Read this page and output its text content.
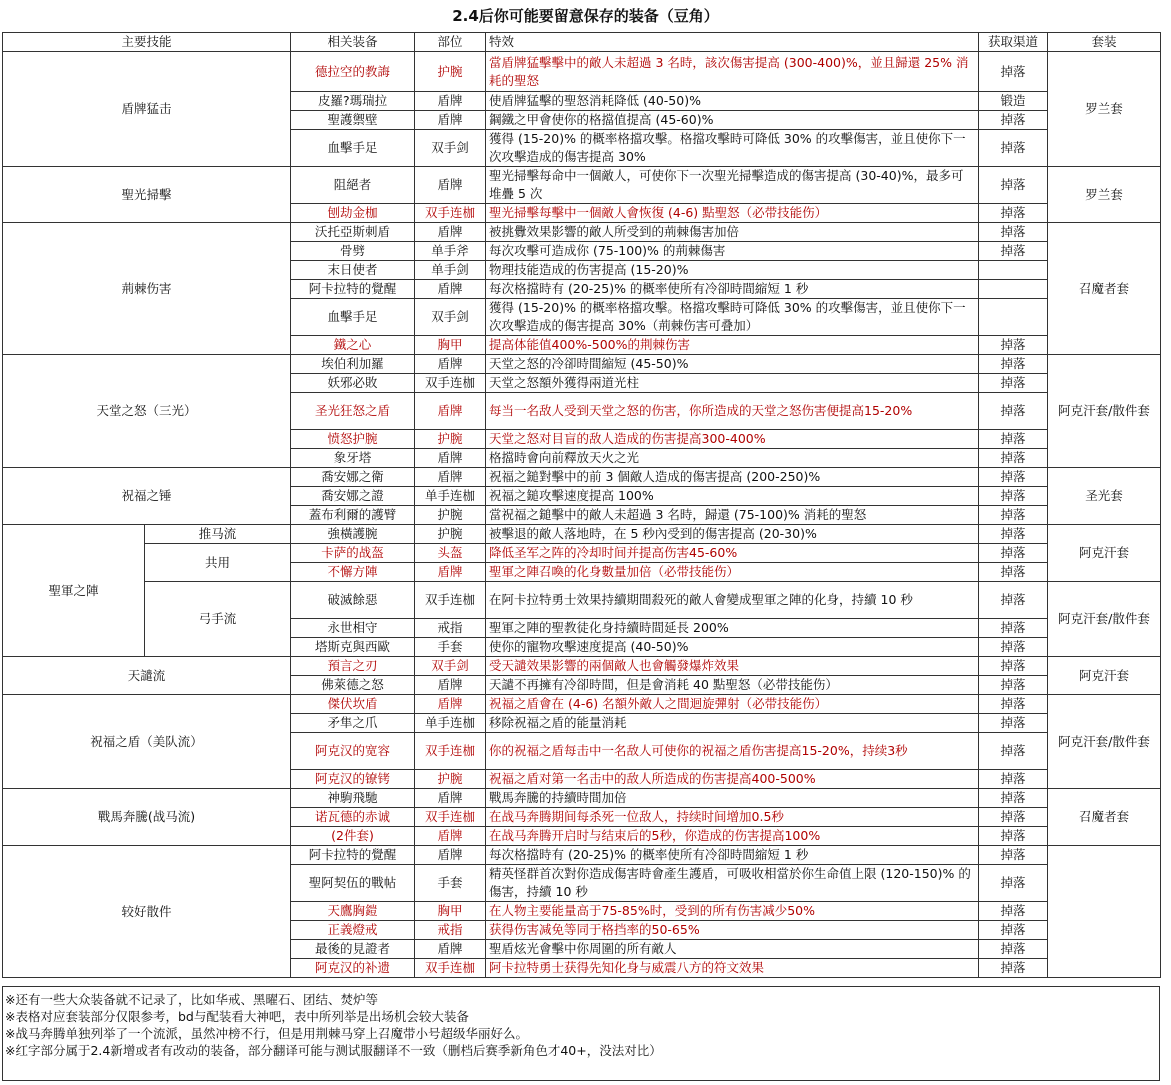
2.4后你可能要留意保存的装备（豆角）
主要技能		相关装备	部位	特效	获取渠道	套装
盾牌猛击		德拉空的教誨	护腕	當盾牌猛擊擊中的敵人未超過 3 名時，該次傷害提高 (300-400)%，並且歸還 25% 消耗的聖怒	掉落	罗兰套
		皮羅?瑪瑞拉	盾牌	使盾牌猛擊的聖怒消耗降低 (40-50)%	锻造	
		聖護禦壁	盾牌	鋼鐵之甲會使你的格擋值提高 (45-60)%	掉落	
		血擊手足	双手剑	獲得 (15-20)% 的概率格擋攻擊。格擋攻擊時可降低 30% 的攻擊傷害，並且使你下一次攻擊造成的傷害提高 30%	掉落	
聖光掃擊		阻絕者	盾牌	聖光掃擊每命中一個敵人，可使你下一次聖光掃擊造成的傷害提高 (30-40)%，最多可堆疊 5 次	掉落	罗兰套
		刨劫金枷	双手连枷	聖光掃擊每擊中一個敵人會恢復 (4-6) 點聖怒（必带技能伤）	掉落	
荊棘伤害		沃托亞斯刺盾	盾牌	被挑釁效果影響的敵人所受到的荊棘傷害加倍	掉落	召魔者套
		骨劈	单手斧	每次攻擊可造成你 (75-100)% 的荊棘傷害	掉落	
		末日使者	单手剑	物理技能造成的伤害提高 (15-20)%		
		阿卡拉特的覺醒	盾牌	每次格擋時有 (20-25)% 的概率使所有冷卻時間縮短 1 秒		
		血擊手足	双手剑	獲得 (15-20)% 的概率格擋攻擊。格擋攻擊時可降低 30% 的攻擊傷害，並且使你下一次攻擊造成的傷害提高 30%（荊棘伤害可叠加）		
		鐵之心	胸甲	提高体能值400%-500%的荆棘伤害	掉落	
天堂之怒（三光）		埃伯利加羅	盾牌	天堂之怒的冷卻時間縮短 (45-50)%	掉落	阿克汗套/散件套
		妖邪必敗	双手连枷	天堂之怒額外獲得兩道光柱	掉落	
		圣光狂怒之盾	盾牌	每当一名敌人受到天堂之怒的伤害，你所造成的天堂之怒伤害便提高15-20%	掉落	
		愤怒护腕	护腕	天堂之怒对目盲的敌人造成的伤害提高300-400%	掉落	
		象牙塔	盾牌	格擋時會向前釋放天火之光	掉落	
祝福之锤		喬安娜之衛	盾牌	祝福之鎚對擊中的前 3 個敵人造成的傷害提高 (200-250)%	掉落	圣光套
		喬安娜之證	单手连枷	祝福之鎚攻擊速度提高 100%	掉落	
		蓋布利爾的護臂	护腕	當祝福之鎚擊中的敵人未超過 3 名時，歸還 (75-100)% 消耗的聖怒	掉落	
聖軍之陣	推马流	強橫護腕	护腕	被擊退的敵人落地時，在 5 秒內受到的傷害提高 (20-30)%	掉落	阿克汗套
	共用	卡萨的战盔	头盔	降低圣军之阵的冷却时间并提高伤害45-60%	掉落	
		不懈方陣	盾牌	聖軍之陣召喚的化身數量加倍（必带技能伤）	掉落	
	弓手流	破滅餘惡	双手连枷	在阿卡拉特勇士效果持續期間殺死的敵人會變成聖軍之陣的化身，持續 10 秒	掉落	阿克汗套/散件套
		永世相守	戒指	聖軍之陣的聖教徒化身持續時間延長 200%	掉落	
		塔斯克與西歐	手套	使你的寵物攻擊速度提高 (40-50)%	掉落	
天譴流		預言之刃	双手剑	受天譴效果影響的兩個敵人也會觸發爆炸效果	掉落	阿克汗套
		佛萊德之怒	盾牌	天譴不再擁有冷卻時間，但是會消耗 40 點聖怒（必带技能伤）	掉落	
祝福之盾（美队流）		傑伏坎盾	盾牌	祝福之盾會在 (4-6) 名額外敵人之間迴旋彈射（必带技能伤）	掉落	阿克汗套/散件套
		矛隼之爪	单手连枷	移除祝福之盾的能量消耗	掉落	
		阿克汉的宽容	双手连枷	你的祝福之盾每击中一名敌人可使你的祝福之盾伤害提高15-20%，持续3秒	掉落	
		阿克汉的镣铐	护腕	祝福之盾对第一名击中的敌人所造成的伤害提高400-500%	掉落	
戰馬奔騰(战马流)		神駒飛馳	盾牌	戰馬奔騰的持續時間加倍	掉落	召魔者套
		诺瓦德的赤诚	双手连枷	在战马奔腾期间每杀死一位敌人，持续时间增加0.5秒	掉落	
		(2件套)	盾牌	在战马奔腾开启时与结束后的5秒，你造成的伤害提高100%	掉落	
较好散件		阿卡拉特的覺醒	盾牌	每次格擋時有 (20-25)% 的概率使所有冷卻時間縮短 1 秒	掉落	
		聖阿契伍的戰帖	手套	精英怪群首次對你造成傷害時會產生護盾，可吸收相當於你生命值上限 (120-150)% 的傷害，持續 10 秒	掉落	
		天鷹胸鎧	胸甲	在人物主要能量高于75-85%时，受到的所有伤害减少50%	掉落	
		正義燈戒	戒指	获得伤害减免等同于格挡率的50-65%	掉落	
		最後的見證者	盾牌	聖盾炫光會擊中你周圍的所有敵人	掉落	
		阿克汉的补遗	双手连枷	阿卡拉特勇士获得先知化身与威震八方的符文效果	掉落	
※还有一些大众装备就不记录了，比如华戒、黑曜石、团结、焚炉等
※表格对应套装部分仅限参考，bd与配装看大神吧，表中所列举是出场机会较大装备
※战马奔腾单独列举了一个流派，虽然冲榜不行，但是用荆棘马穿上召魔带小号超级华丽好么。
※红字部分属于2.4新增或者有改动的装备，部分翻译可能与测试服翻译不一致（删档后赛季新角色才40+，没法对比）
